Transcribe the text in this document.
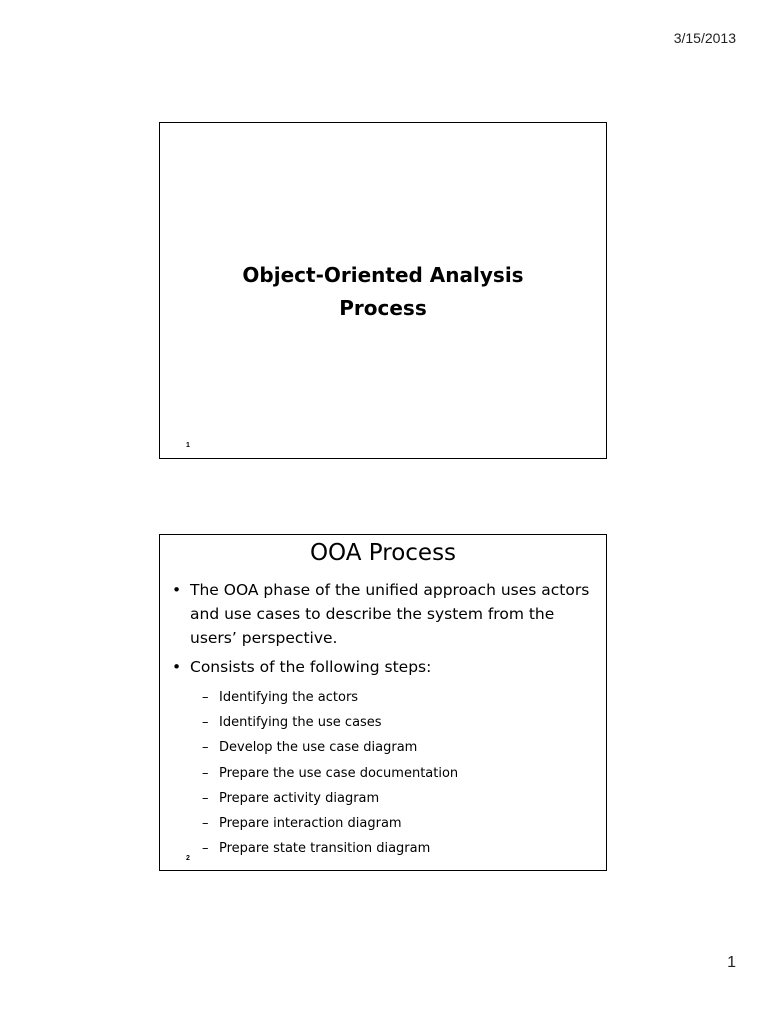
3/15/2013
Object-Oriented Analysis
Process
1
OOA Process
• The OOA phase of the unified approach uses actors and use cases to describe the system from the users’ perspective.
• Consists of the following steps:
– Identifying the actors
– Identifying the use cases
– Develop the use case diagram
– Prepare the use case documentation
– Prepare activity diagram
– Prepare interaction diagram
– Prepare state transition diagram
2
1
